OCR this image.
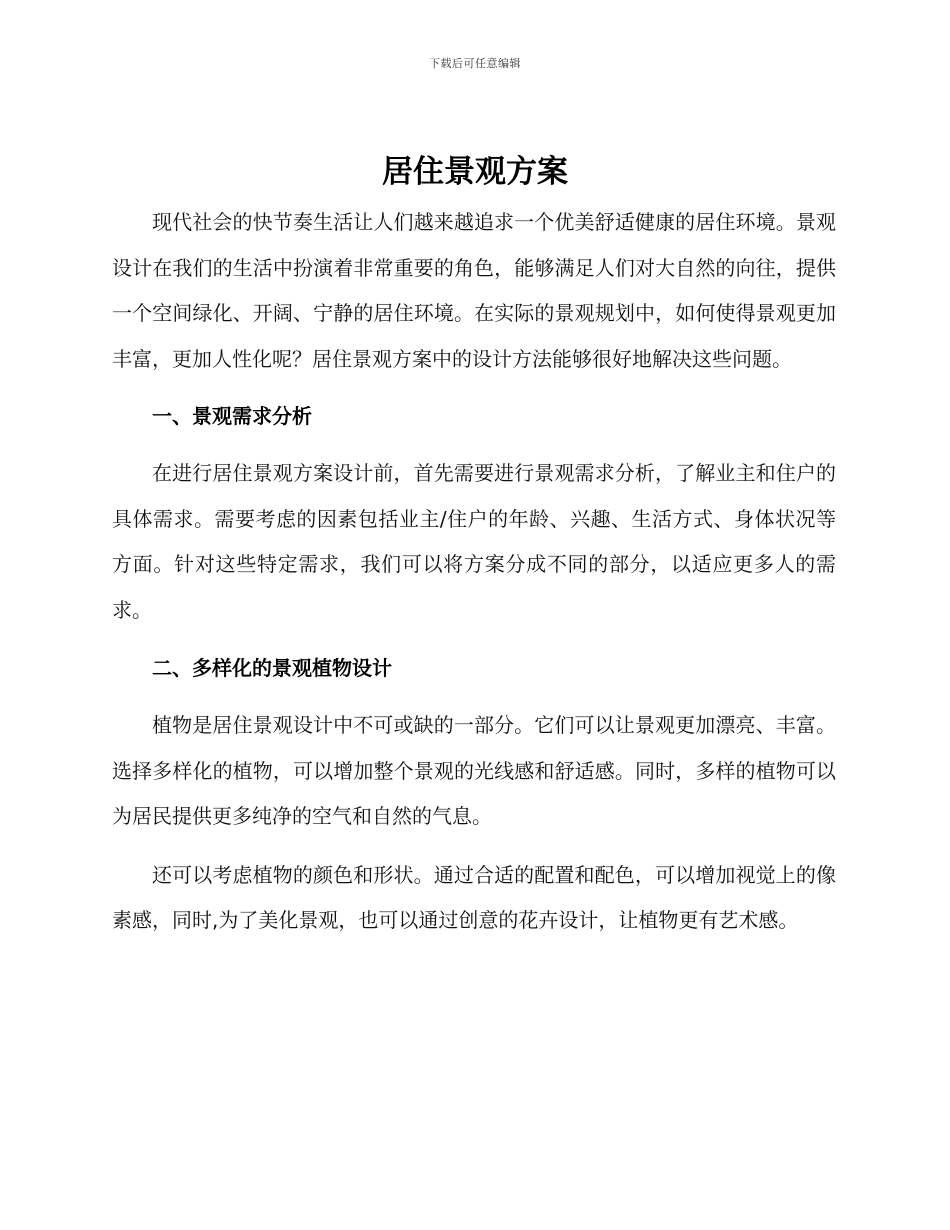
下载后可任意编辑
居住景观方案

现代社会的快节奏生活让人们越来越追求一个优美舒适健康的居住环境。景观设计在我们的生活中扮演着非常重要的角色，能够满足人们对大自然的向往，提供一个空间绿化、开阔、宁静的居住环境。在实际的景观规划中，如何使得景观更加丰富，更加人性化呢？居住景观方案中的设计方法能够很好地解决这些问题。

一、景观需求分析

在进行居住景观方案设计前，首先需要进行景观需求分析，了解业主和住户的具体需求。需要考虑的因素包括业主/住户的年龄、兴趣、生活方式、身体状况等方面。针对这些特定需求，我们可以将方案分成不同的部分，以适应更多人的需求。

二、多样化的景观植物设计

植物是居住景观设计中不可或缺的一部分。它们可以让景观更加漂亮、丰富。选择多样化的植物，可以增加整个景观的光线感和舒适感。同时，多样的植物可以为居民提供更多纯净的空气和自然的气息。

还可以考虑植物的颜色和形状。通过合适的配置和配色，可以增加视觉上的像素感，同时,为了美化景观，也可以通过创意的花卉设计，让植物更有艺术感。
